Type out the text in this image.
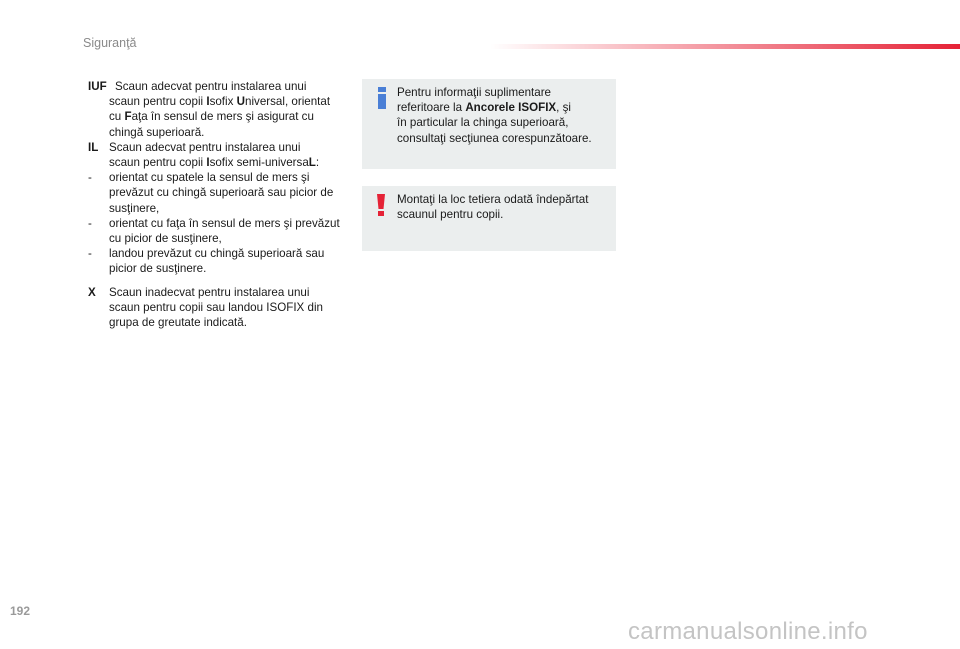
Siguranţă
IUF Scaun adecvat pentru instalarea unui
scaun pentru copii Isofix Universal, orientat
cu Faţa în sensul de mers şi asigurat cu
chingă superioară.
IL Scaun adecvat pentru instalarea unui
scaun pentru copii Isofix semi-universaL:
- orientat cu spatele la sensul de mers şi prevăzut cu chingă superioară sau picior de susţinere,
- orientat cu faţa în sensul de mers şi prevăzut cu picior de susţinere,
- landou prevăzut cu chingă superioară sau picior de susţinere.
X Scaun inadecvat pentru instalarea unui
scaun pentru copii sau landou ISOFIX din
grupa de greutate indicată.
Pentru informaţii suplimentare
referitoare la Ancorele ISOFIX, şi
în particular la chinga superioară,
consultaţi secţiunea corespunzătoare.
Montaţi la loc tetiera odată îndepărtat
scaunul pentru copii.
192
carmanualsonline.info
